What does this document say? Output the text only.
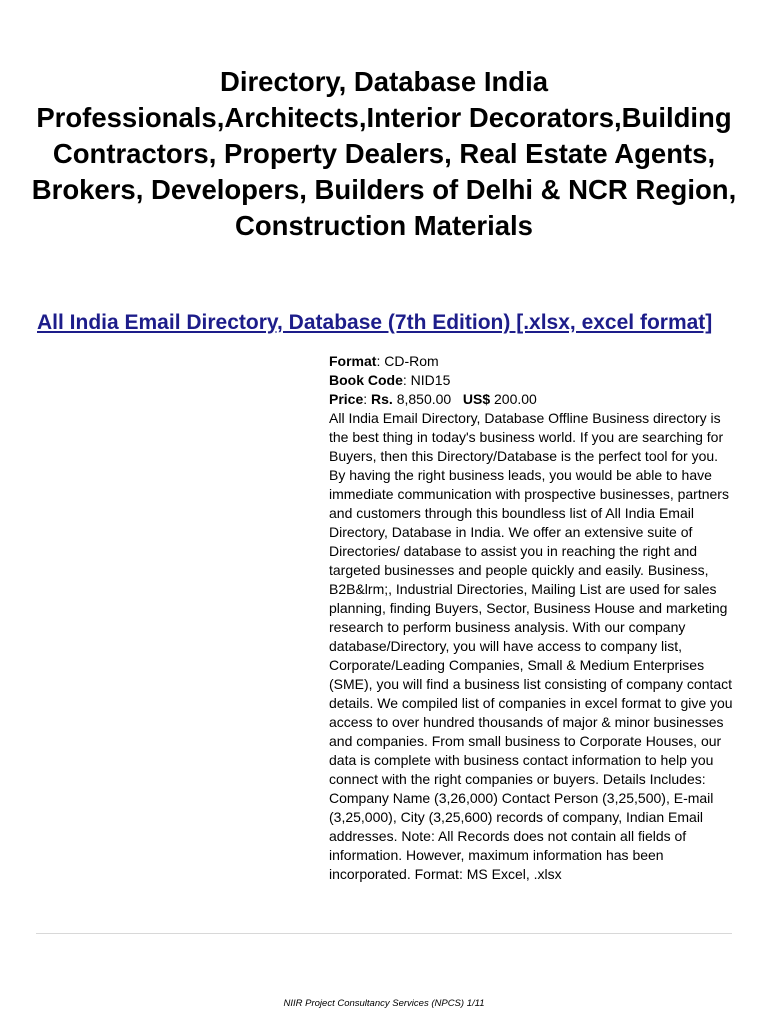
Directory, Database India Professionals,Architects,Interior Decorators,Building Contractors, Property Dealers, Real Estate Agents, Brokers, Developers, Builders of Delhi & NCR Region, Construction Materials
All India Email Directory, Database (7th Edition) [.xlsx, excel format]
Format: CD-Rom
Book Code: NID15
Price: Rs. 8,850.00 US$ 200.00

All India Email Directory, Database Offline Business directory is the best thing in today's business world. If you are searching for Buyers, then this Directory/Database is the perfect tool for you. By having the right business leads, you would be able to have immediate communication with prospective businesses, partners and customers through this boundless list of All India Email Directory, Database in India. We offer an extensive suite of Directories/ database to assist you in reaching the right and targeted businesses and people quickly and easily. Business, B2B&lrm;, Industrial Directories, Mailing List are used for sales planning, finding Buyers, Sector, Business House and marketing research to perform business analysis. With our company database/Directory, you will have access to company list, Corporate/Leading Companies, Small & Medium Enterprises (SME), you will find a business list consisting of company contact details. We compiled list of companies in excel format to give you access to over hundred thousands of major & minor businesses and companies. From small business to Corporate Houses, our data is complete with business contact information to help you connect with the right companies or buyers. Details Includes: Company Name (3,26,000) Contact Person (3,25,500), E-mail (3,25,000), City (3,25,600) records of company, Indian Email addresses. Note: All Records does not contain all fields of information. However, maximum information has been incorporated. Format: MS Excel, .xlsx

NIIR Project Consultancy Services (NPCS) 1/11
